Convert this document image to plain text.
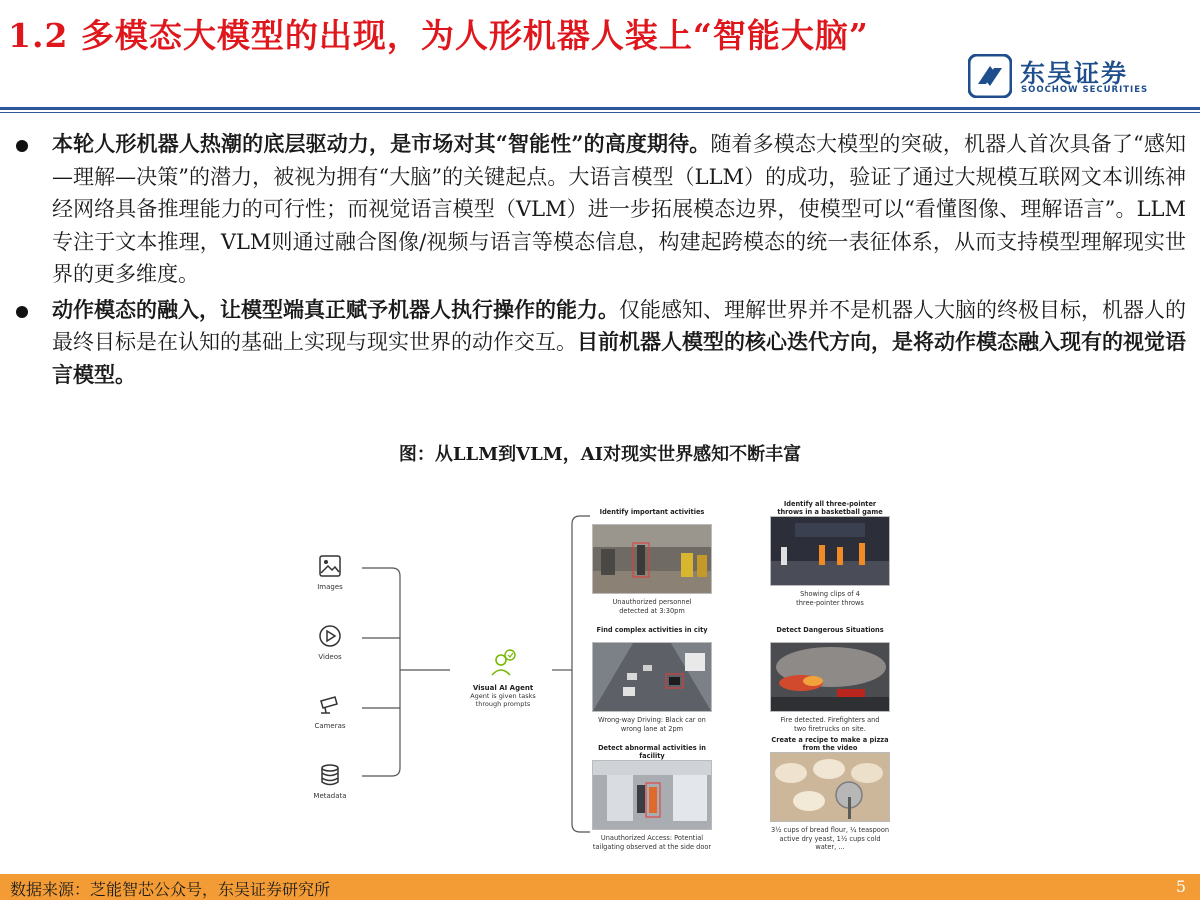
1.2 多模态大模型的出现，为人形机器人装上“智能大脑”
东吴证券
SOOCHOW SECURITIES
本轮人形机器人热潮的底层驱动力，是市场对其“智能性”的高度期待。随着多模态大模型的突破，机器人首次具备了“感知—理解—决策”的潜力，被视为拥有“大脑”的关键起点。大语言模型（LLM）的成功，验证了通过大规模互联网文本训练神经网络具备推理能力的可行性；而视觉语言模型（VLM）进一步拓展模态边界，使模型可以“看懂图像、理解语言”。LLM专注于文本推理，VLM则通过融合图像/视频与语言等模态信息，构建起跨模态的统一表征体系，从而支持模型理解现实世界的更多维度。
动作模态的融入，让模型端真正赋予机器人执行操作的能力。仅能感知、理解世界并不是机器人大脑的终极目标，机器人的最终目标是在认知的基础上实现与现实世界的动作交互。目前机器人模型的核心迭代方向，是将动作模态融入现有的视觉语言模型。
图：从LLM到VLM，AI对现实世界感知不断丰富
Images
Videos
Cameras
Metadata
Visual AI Agent
Agent is given tasks
through prompts
Identify important activities
Unauthorized personnel
detected at 3:30pm
Identify all three-pointer throws in a basketball game
Showing clips of 4
three-pointer throws
Find complex activities in city
Wrong-way Driving: Black car on
wrong lane at 2pm
Detect Dangerous Situations
Fire detected. Firefighters and
two firetrucks on site.
Detect abnormal activities in facility
Unauthorized Access: Potential
tailgating observed at the side door
Create a recipe to make a pizza from the video
3½ cups of bread flour, ¼ teaspoon
active dry yeast, 1½ cups cold water, ...
数据来源：芝能智芯公众号，东吴证券研究所	5
